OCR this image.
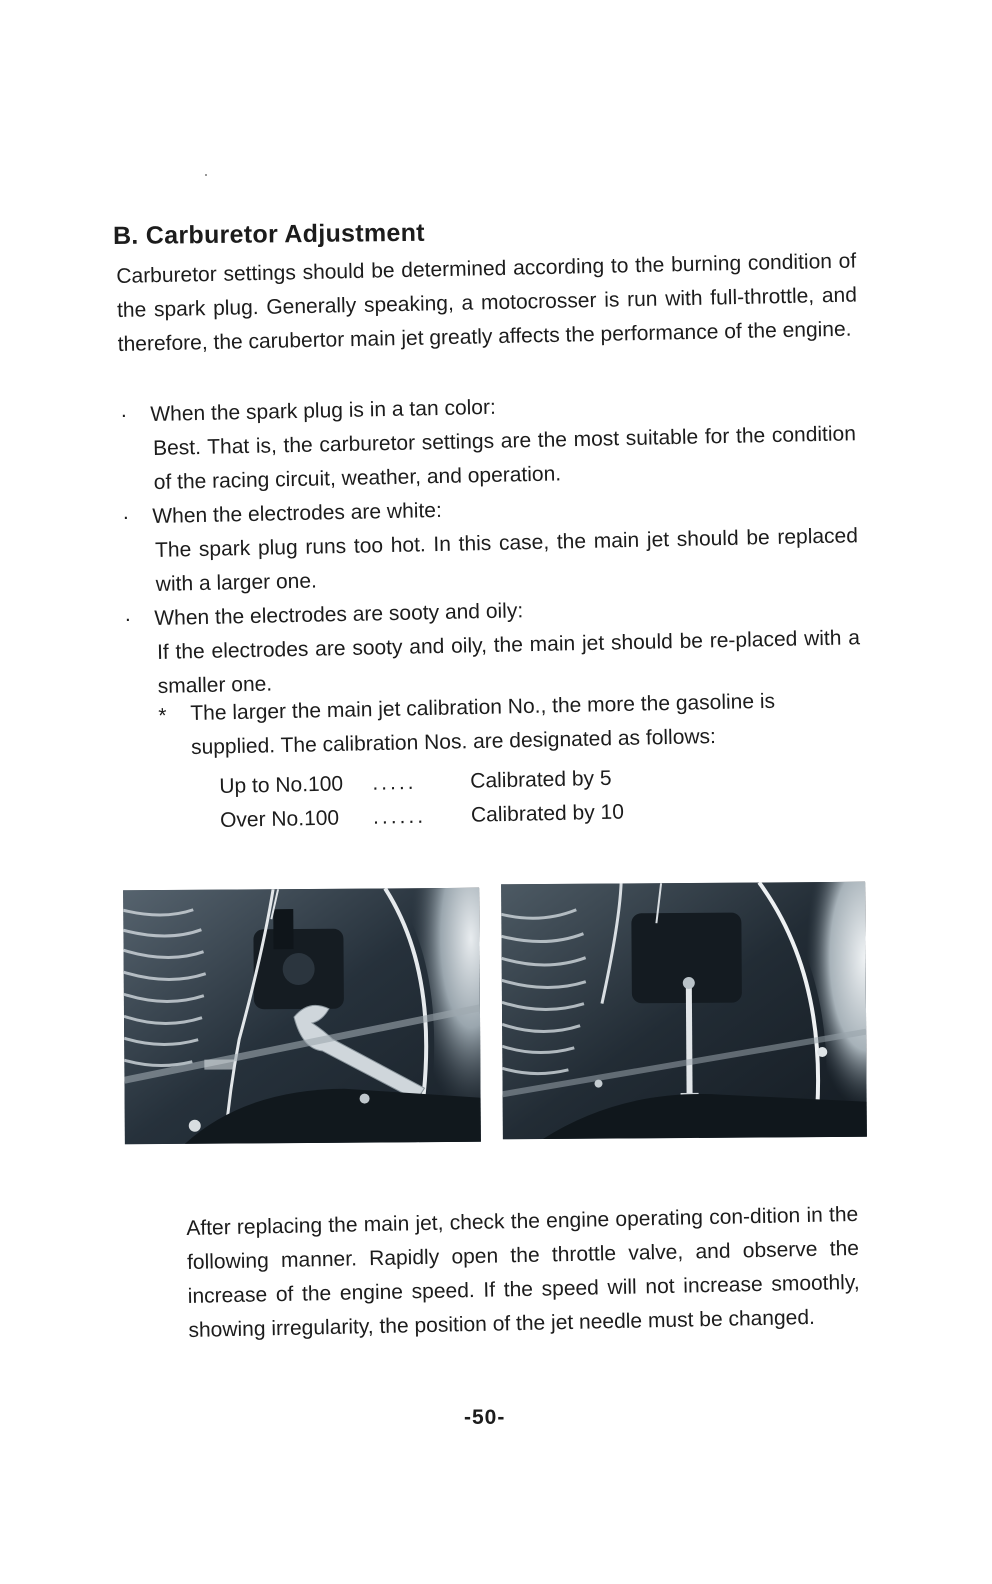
B. Carburetor Adjustment
Carburetor settings should be determined according to the burning condition of the spark plug. Generally speaking, a motocrosser is run with full-throttle, and therefore, the carubertor main jet greatly affects the performance of the engine.
· When the spark plug is in a tan color:
Best. That is, the carburetor settings are the most suitable for the condition of the racing circuit, weather, and operation.
· When the electrodes are white:
The spark plug runs too hot. In this case, the main jet should be replaced with a larger one.
· When the electrodes are sooty and oily:
If the electrodes are sooty and oily, the main jet should be re-placed with a smaller one.
* The larger the main jet calibration No., the more the gasoline is supplied. The calibration Nos. are designated as follows:
Up to No.100 .....	Calibrated by 5
Over No.100 ...... Calibrated by 10
After replacing the main jet, check the engine operating con-dition in the following manner. Rapidly open the throttle valve, and observe the increase of the engine speed. If the speed will not increase smoothly, showing irregularity, the position of the jet needle must be changed.
-50-
